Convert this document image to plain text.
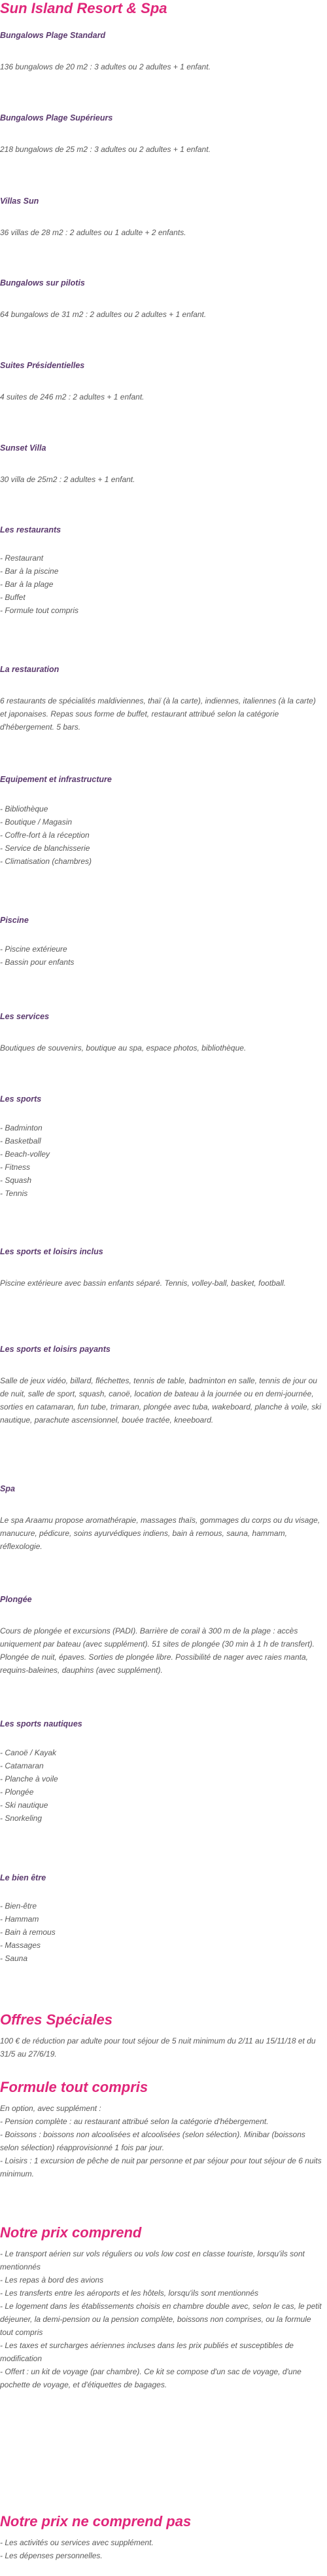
Sun Island Resort & Spa
Bungalows Plage Standard

136 bungalows de 20 m2 : 3 adultes ou 2 adultes + 1 enfant.

Bungalows Plage Supérieurs

218 bungalows de 25 m2 : 3 adultes ou 2 adultes + 1 enfant.

Villas Sun

36 villas de 28 m2 : 2 adultes ou 1 adulte + 2 enfants.

Bungalows sur pilotis

64 bungalows de 31 m2 : 2 adultes ou 2 adultes + 1 enfant.

Suites Présidentielles

4 suites de 246 m2 : 2 adultes + 1 enfant.

Sunset Villa

30 villa de 25m2 : 2 adultes + 1 enfant.

Les restaurants
- Restaurant
- Bar à la piscine
- Bar à la plage
- Buffet
- Formule tout compris
La restauration

6 restaurants de spécialités maldiviennes, thaï (à la carte), indiennes, italiennes (à la carte) et japonaises. Repas sous forme de buffet, restaurant attribué selon la catégorie d'hébergement. 5 bars.

Equipement et infrastructure
- Bibliothèque
- Boutique / Magasin
- Coffre-fort à la réception
- Service de blanchisserie
- Climatisation (chambres)
Piscine
- Piscine extérieure
- Bassin pour enfants
Les services

Boutiques de souvenirs, boutique au spa, espace photos, bibliothèque.

Les sports
- Badminton
- Basketball
- Beach-volley
- Fitness
- Squash
- Tennis
Les sports et loisirs inclus

Piscine extérieure avec bassin enfants séparé. Tennis, volley-ball, basket, football.

Les sports et loisirs payants

Salle de jeux vidéo, billard, fléchettes, tennis de table, badminton en salle, tennis de jour ou de nuit, salle de sport, squash, canoë, location de bateau à la journée ou en demi-journée, sorties en catamaran, fun tube, trimaran, plongée avec tuba, wakeboard, planche à voile, ski nautique, parachute ascensionnel, bouée tractée, kneeboard.

Spa

Le spa Araamu propose aromathérapie, massages thaïs, gommages du corps ou du visage, manucure, pédicure, soins ayurvédiques indiens, bain à remous, sauna, hammam, réflexologie.

Plongée

Cours de plongée et excursions (PADI). Barrière de corail à 300 m de la plage : accès uniquement par bateau (avec supplément). 51 sites de plongée (30 min à 1 h de transfert). Plongée de nuit, épaves. Sorties de plongée libre. Possibilité de nager avec raies manta, requins-baleines, dauphins (avec supplément).

Les sports nautiques
- Canoë / Kayak
- Catamaran
- Planche à voile
- Plongée
- Ski nautique
- Snorkeling
Le bien être
- Bien-être
- Hammam
- Bain à remous
- Massages
- Sauna
Offres Spéciales

100 € de réduction par adulte pour tout séjour de 5 nuit minimum du 2/11 au 15/11/18 et du 31/5 au 27/6/19.

Formule tout compris

En option, avec supplément :

- Pension complète : au restaurant attribué selon la catégorie d'hébergement.

- Boissons : boissons non alcoolisées et alcoolisées (selon sélection). Minibar (boissons selon sélection) réapprovisionné 1 fois par jour.

- Loisirs : 1 excursion de pêche de nuit par personne et par séjour pour tout séjour de 6 nuits minimum.

Notre prix comprend

- Le transport aérien sur vols réguliers ou vols low cost en classe touriste, lorsqu'ils sont mentionnés

- Les repas à bord des avions

- Les transferts entre les aéroports et les hôtels, lorsqu'ils sont mentionnés

- Le logement dans les établissements choisis en chambre double avec, selon le cas, le petit déjeuner, la demi-pension ou la pension complète, boissons non comprises, ou la formule tout compris

- Les taxes et surcharges aériennes incluses dans les prix publiés et susceptibles de modification

- Offert : un kit de voyage (par chambre). Ce kit se compose d'un sac de voyage, d'une pochette de voyage, et d'étiquettes de bagages.

Notre prix ne comprend pas

- Les activités ou services avec supplément.

- Les dépenses personnelles.
